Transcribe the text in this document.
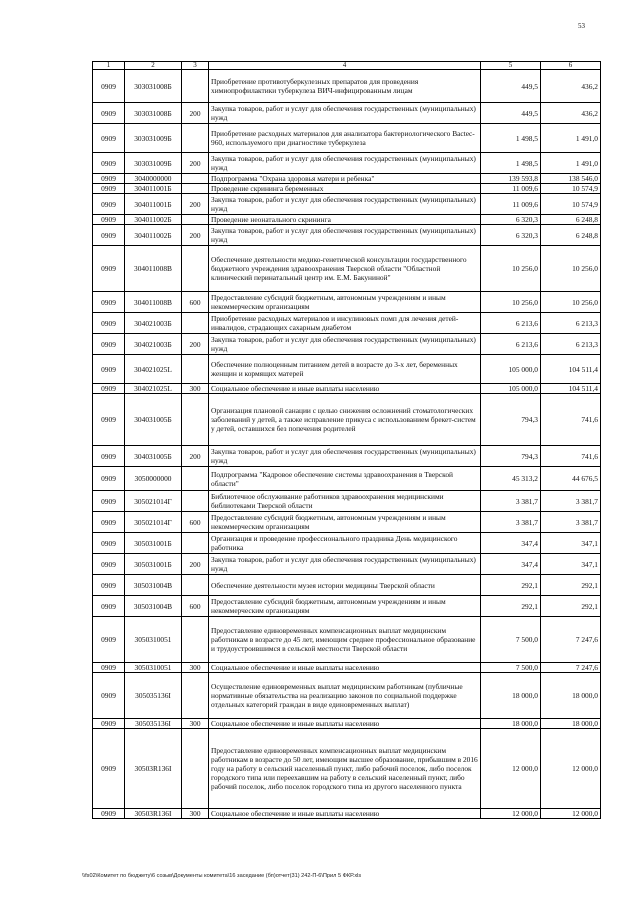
53
1	2	3	4	5	6
0909	303031008Б		Приобретение противотуберкулезных препаратов для проведения химиопрофилактики туберкулеза ВИЧ-инфицированным лицам	449,5	436,2
0909	303031008Б	200	Закупка товаров, работ и услуг для обеспечения государственных (муниципальных) нужд	449,5	436,2
0909	303031009Б		Приобретение расходных материалов для анализатора бактериологического Bactec-960, используемого при диагностике туберкулеза	1 498,5	1 491,0
0909	303031009Б	200	Закупка товаров, работ и услуг для обеспечения государственных (муниципальных) нужд	1 498,5	1 491,0
0909	3040000000		Подпрограмма "Охрана здоровья матери и ребенка"	139 593,8	138 546,0
0909	304011001Б		Проведение скрининга беременных	11 009,6	10 574,9
0909	304011001Б	200	Закупка товаров, работ и услуг для обеспечения государственных (муниципальных) нужд	11 009,6	10 574,9
0909	304011002Б		Проведение неонатального скрининга	6 320,3	6 248,8
0909	304011002Б	200	Закупка товаров, работ и услуг для обеспечения государственных (муниципальных) нужд	6 320,3	6 248,8
0909	304011008В		Обеспечение деятельности медико-генетической консультации государственного бюджетного учреждения здравоохранения Тверской области "Областной клинический перинатальный центр им. Е.М. Бакуниной"	10 256,0	10 256,0
0909	304011008В	600	Предоставление субсидий бюджетным, автономным учреждениям и иным некоммерческим организациям	10 256,0	10 256,0
0909	304021003Б		Приобретение расходных материалов и инсулиновых помп для лечения детей-инвалидов, страдающих сахарным диабетом	6 213,6	6 213,3
0909	304021003Б	200	Закупка товаров, работ и услуг для обеспечения государственных (муниципальных) нужд	6 213,6	6 213,3
0909	304021025L		Обеспечение полноценным питанием детей в возрасте до 3-х лет, беременных женщин и кормящих матерей	105 000,0	104 511,4
0909	304021025L	300	Социальное обеспечение и иные выплаты населению	105 000,0	104 511,4
0909	304031005Б		Организация плановой санации с целью снижения осложнений стоматологических заболеваний у детей, а также исправление прикуса с использованием брекет-систем у детей, оставшихся без попечения родителей	794,3	741,6
0909	304031005Б	200	Закупка товаров, работ и услуг для обеспечения государственных (муниципальных) нужд	794,3	741,6
0909	3050000000		Подпрограмма "Кадровое обеспечение системы здравоохранения в Тверской области"	45 313,2	44 676,5
0909	305021014Г		Библиотечное обслуживание работников здравоохранения медицинскими библиотеками Тверской области	3 381,7	3 381,7
0909	305021014Г	600	Предоставление субсидий бюджетным, автономным учреждениям и иным некоммерческим организациям	3 381,7	3 381,7
0909	305031001Б		Организация и проведение профессионального праздника День медицинского работника	347,4	347,1
0909	305031001Б	200	Закупка товаров, работ и услуг для обеспечения государственных (муниципальных) нужд	347,4	347,1
0909	305031004В		Обеспечение деятельности музея истории медицины Тверской области	292,1	292,1
0909	305031004В	600	Предоставление субсидий бюджетным, автономным учреждениям и иным некоммерческим организациям	292,1	292,1
0909	3050310051		Предоставление единовременных компенсационных выплат медицинским работникам в возрасте до 45 лет, имеющим среднее профессиональное образование и трудоустроившимся в сельской местности Тверской области	7 500,0	7 247,6
0909	3050310051	300	Социальное обеспечение и иные выплаты населению	7 500,0	7 247,6
0909	305035136I		Осуществление единовременных выплат медицинским работникам (публичные нормативные обязательства на реализацию законов по социальной поддержке отдельных категорий граждан в виде единовременных выплат)	18 000,0	18 000,0
0909	305035136I	300	Социальное обеспечение и иные выплаты населению	18 000,0	18 000,0
0909	30503R136I		Предоставление единовременных компенсационных выплат медицинским работникам в возрасте до 50 лет, имеющим высшее образование, прибывшим в 2016 году на работу в сельский населенный пункт, либо рабочий поселок, либо поселок городского типа или переехавшим на работу в сельский населенный пункт, либо рабочий поселок, либо поселок городского типа из другого населенного пункта	12 000,0	12 000,0
0909	30503R136I	300	Социальное обеспечение и иные выплаты населению	12 000,0	12 000,0
\\fs02\Комитет по бюджету\6 созыв\Документы комитета\16 заседание (бп)отчет(31) 242-П-6\Прил 5 ФКР.xls
